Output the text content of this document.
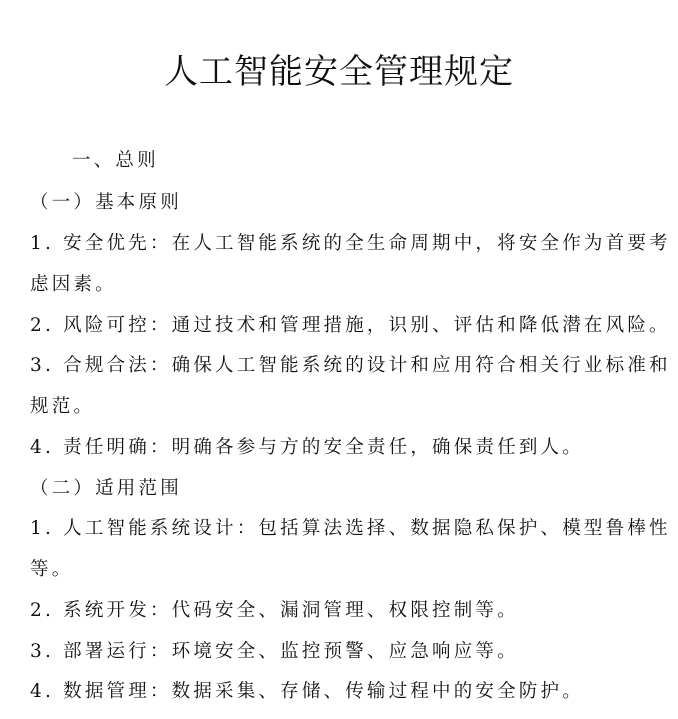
人工智能安全管理规定
一、总则
（一）基本原则
1. 安全优先：在人工智能系统的全生命周期中，将安全作为首要考
虑因素。
2. 风险可控：通过技术和管理措施，识别、评估和降低潜在风险。
3. 合规合法：确保人工智能系统的设计和应用符合相关行业标准和
规范。
4. 责任明确：明确各参与方的安全责任，确保责任到人。
（二）适用范围
1. 人工智能系统设计：包括算法选择、数据隐私保护、模型鲁棒性
等。
2. 系统开发：代码安全、漏洞管理、权限控制等。
3. 部署运行：环境安全、监控预警、应急响应等。
4. 数据管理：数据采集、存储、传输过程中的安全防护。
